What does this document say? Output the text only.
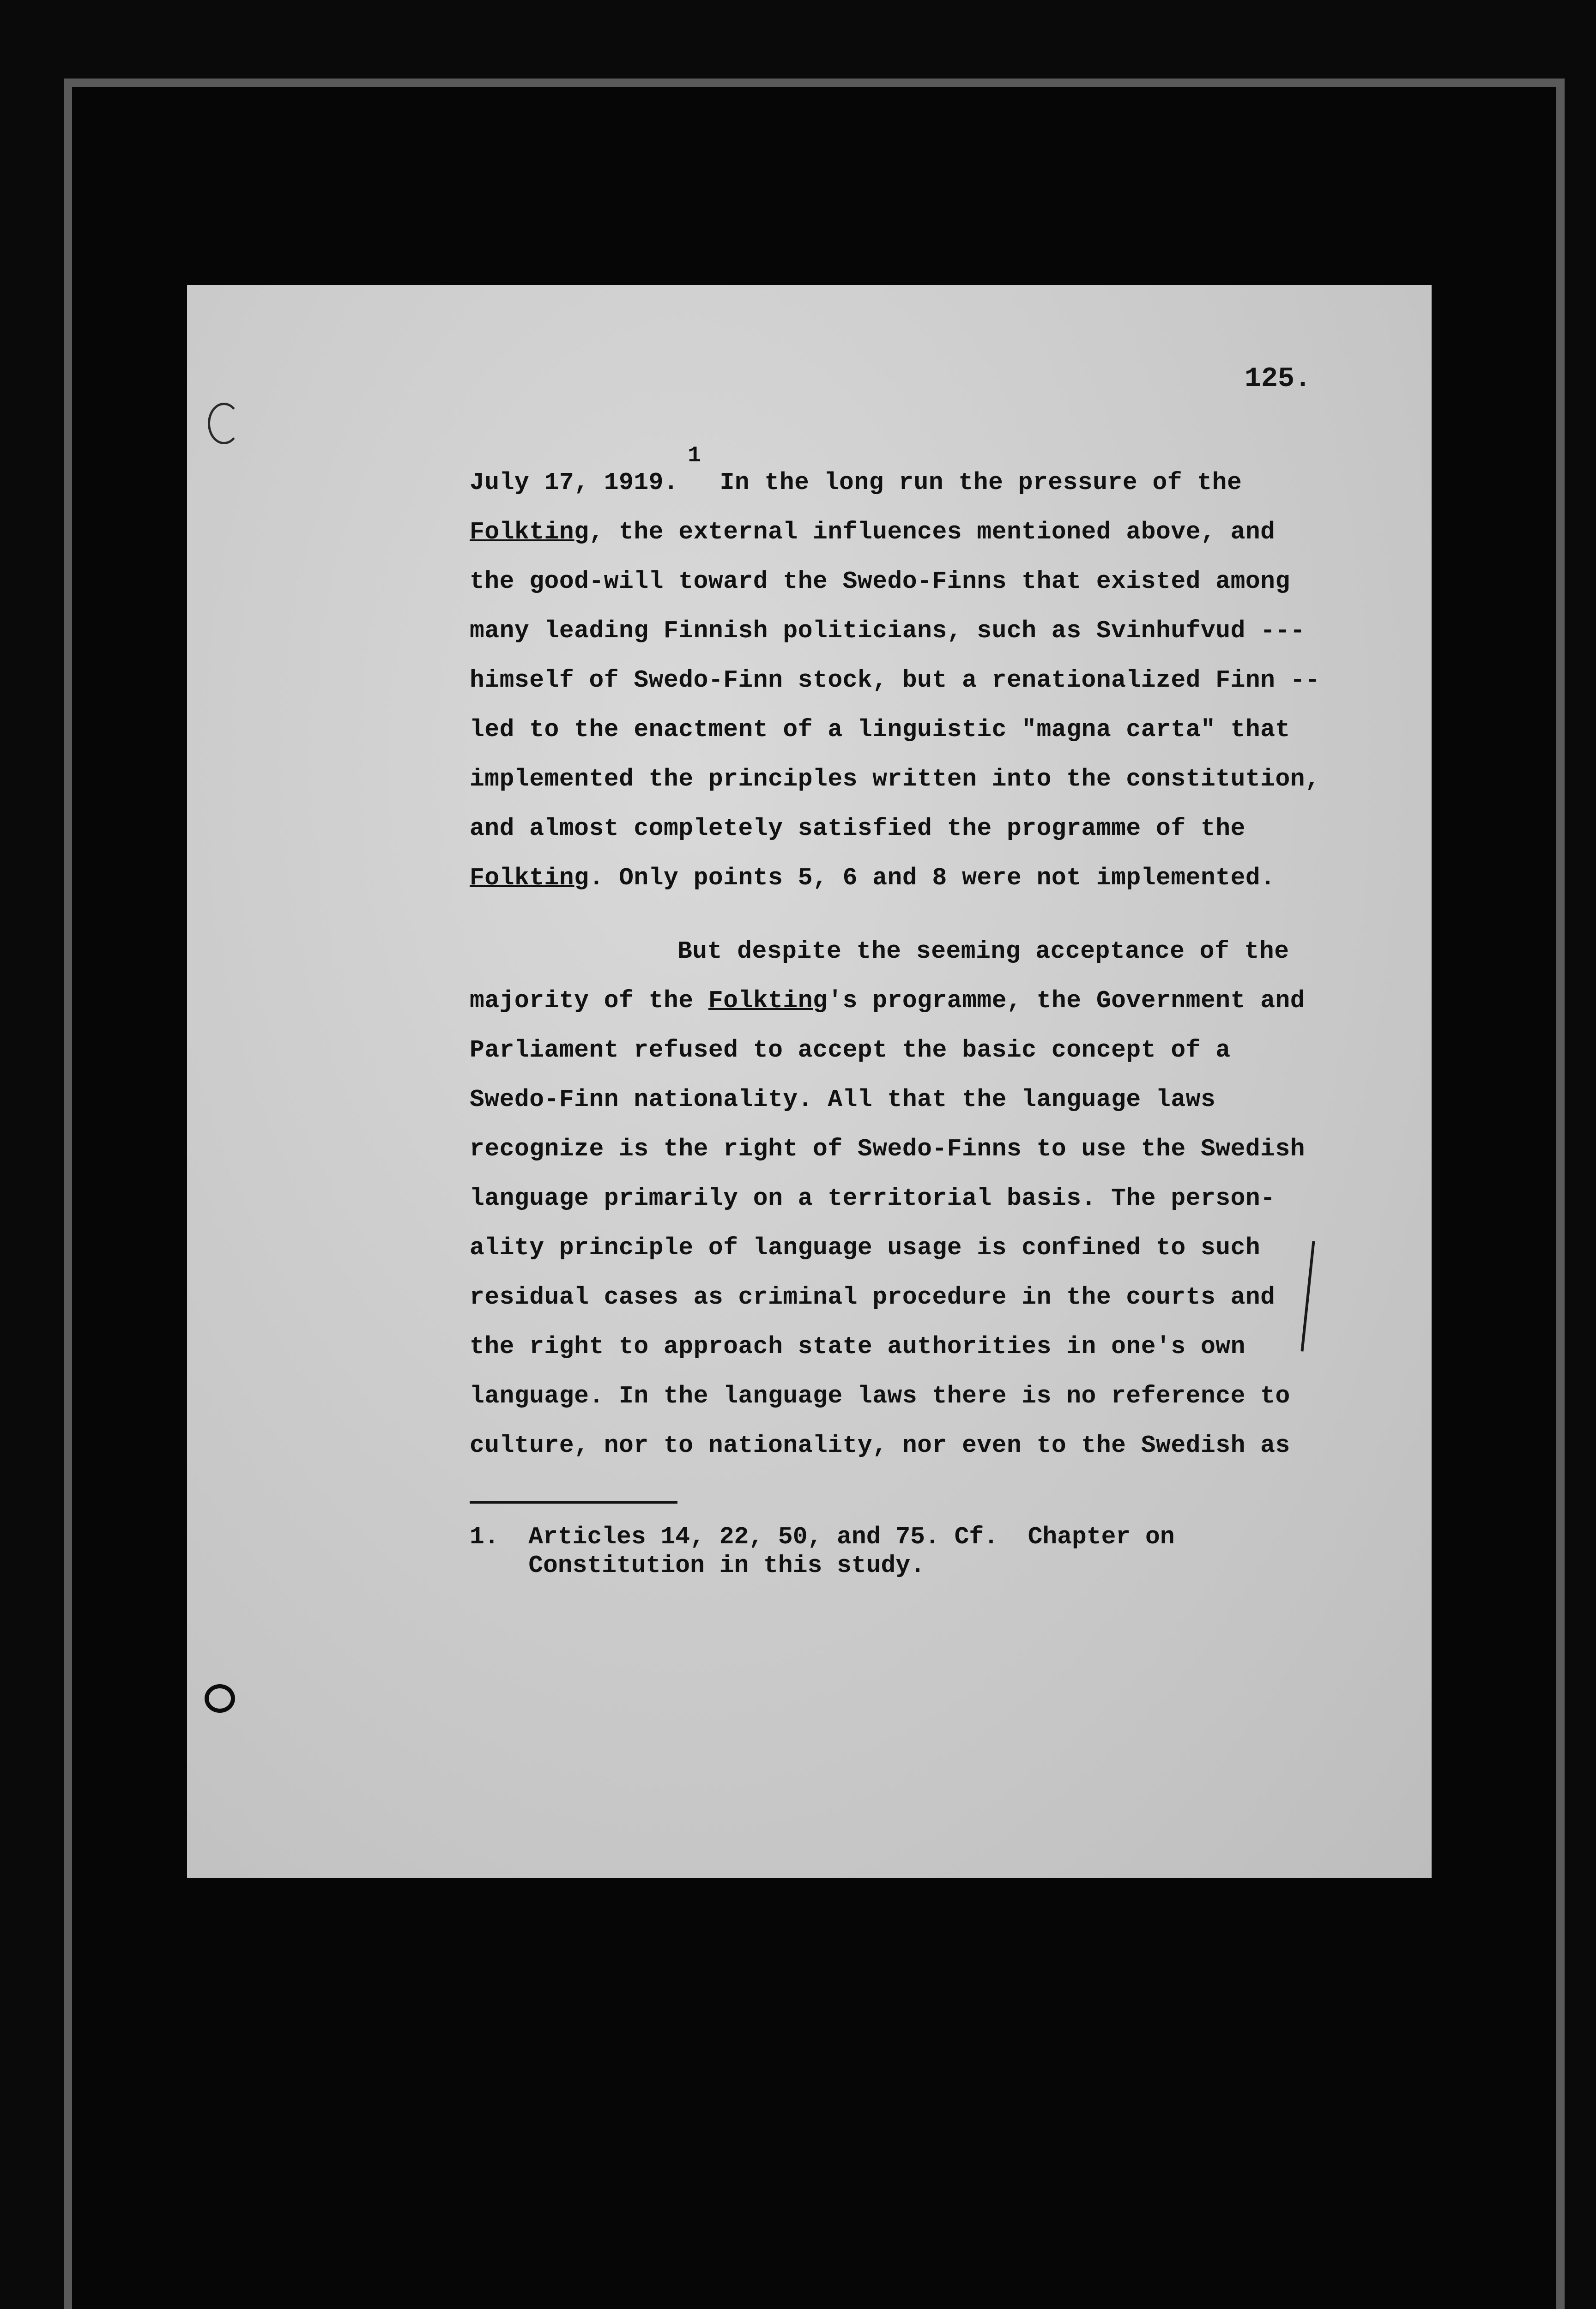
125.
July 17, 1919.1In the long run the pressure of the
Folkting, the external influences mentioned above, and
the good-will toward the Swedo-Finns that existed among
many leading Finnish politicians, such as Svinhufvud ---
himself of Swedo-Finn stock, but a renationalized Finn --
led to the enactment of a linguistic "magna carta" that
implemented the principles written into the constitution,
and almost completely satisfied the programme of the
Folkting. Only points 5, 6 and 8 were not implemented.
But despite the seeming acceptance of the
majority of the Folkting's programme, the Government and
Parliament refused to accept the basic concept of a
Swedo-Finn nationality. All that the language laws
recognize is the right of Swedo-Finns to use the Swedish
language primarily on a territorial basis. The person-
ality principle of language usage is confined to such
residual cases as criminal procedure in the courts and
the right to approach state authorities in one's own
language. In the language laws there is no reference to
culture, nor to nationality, nor even to the Swedish as
1.  Articles 14, 22, 50, and 75. Cf.  Chapter on
Constitution in this study.
